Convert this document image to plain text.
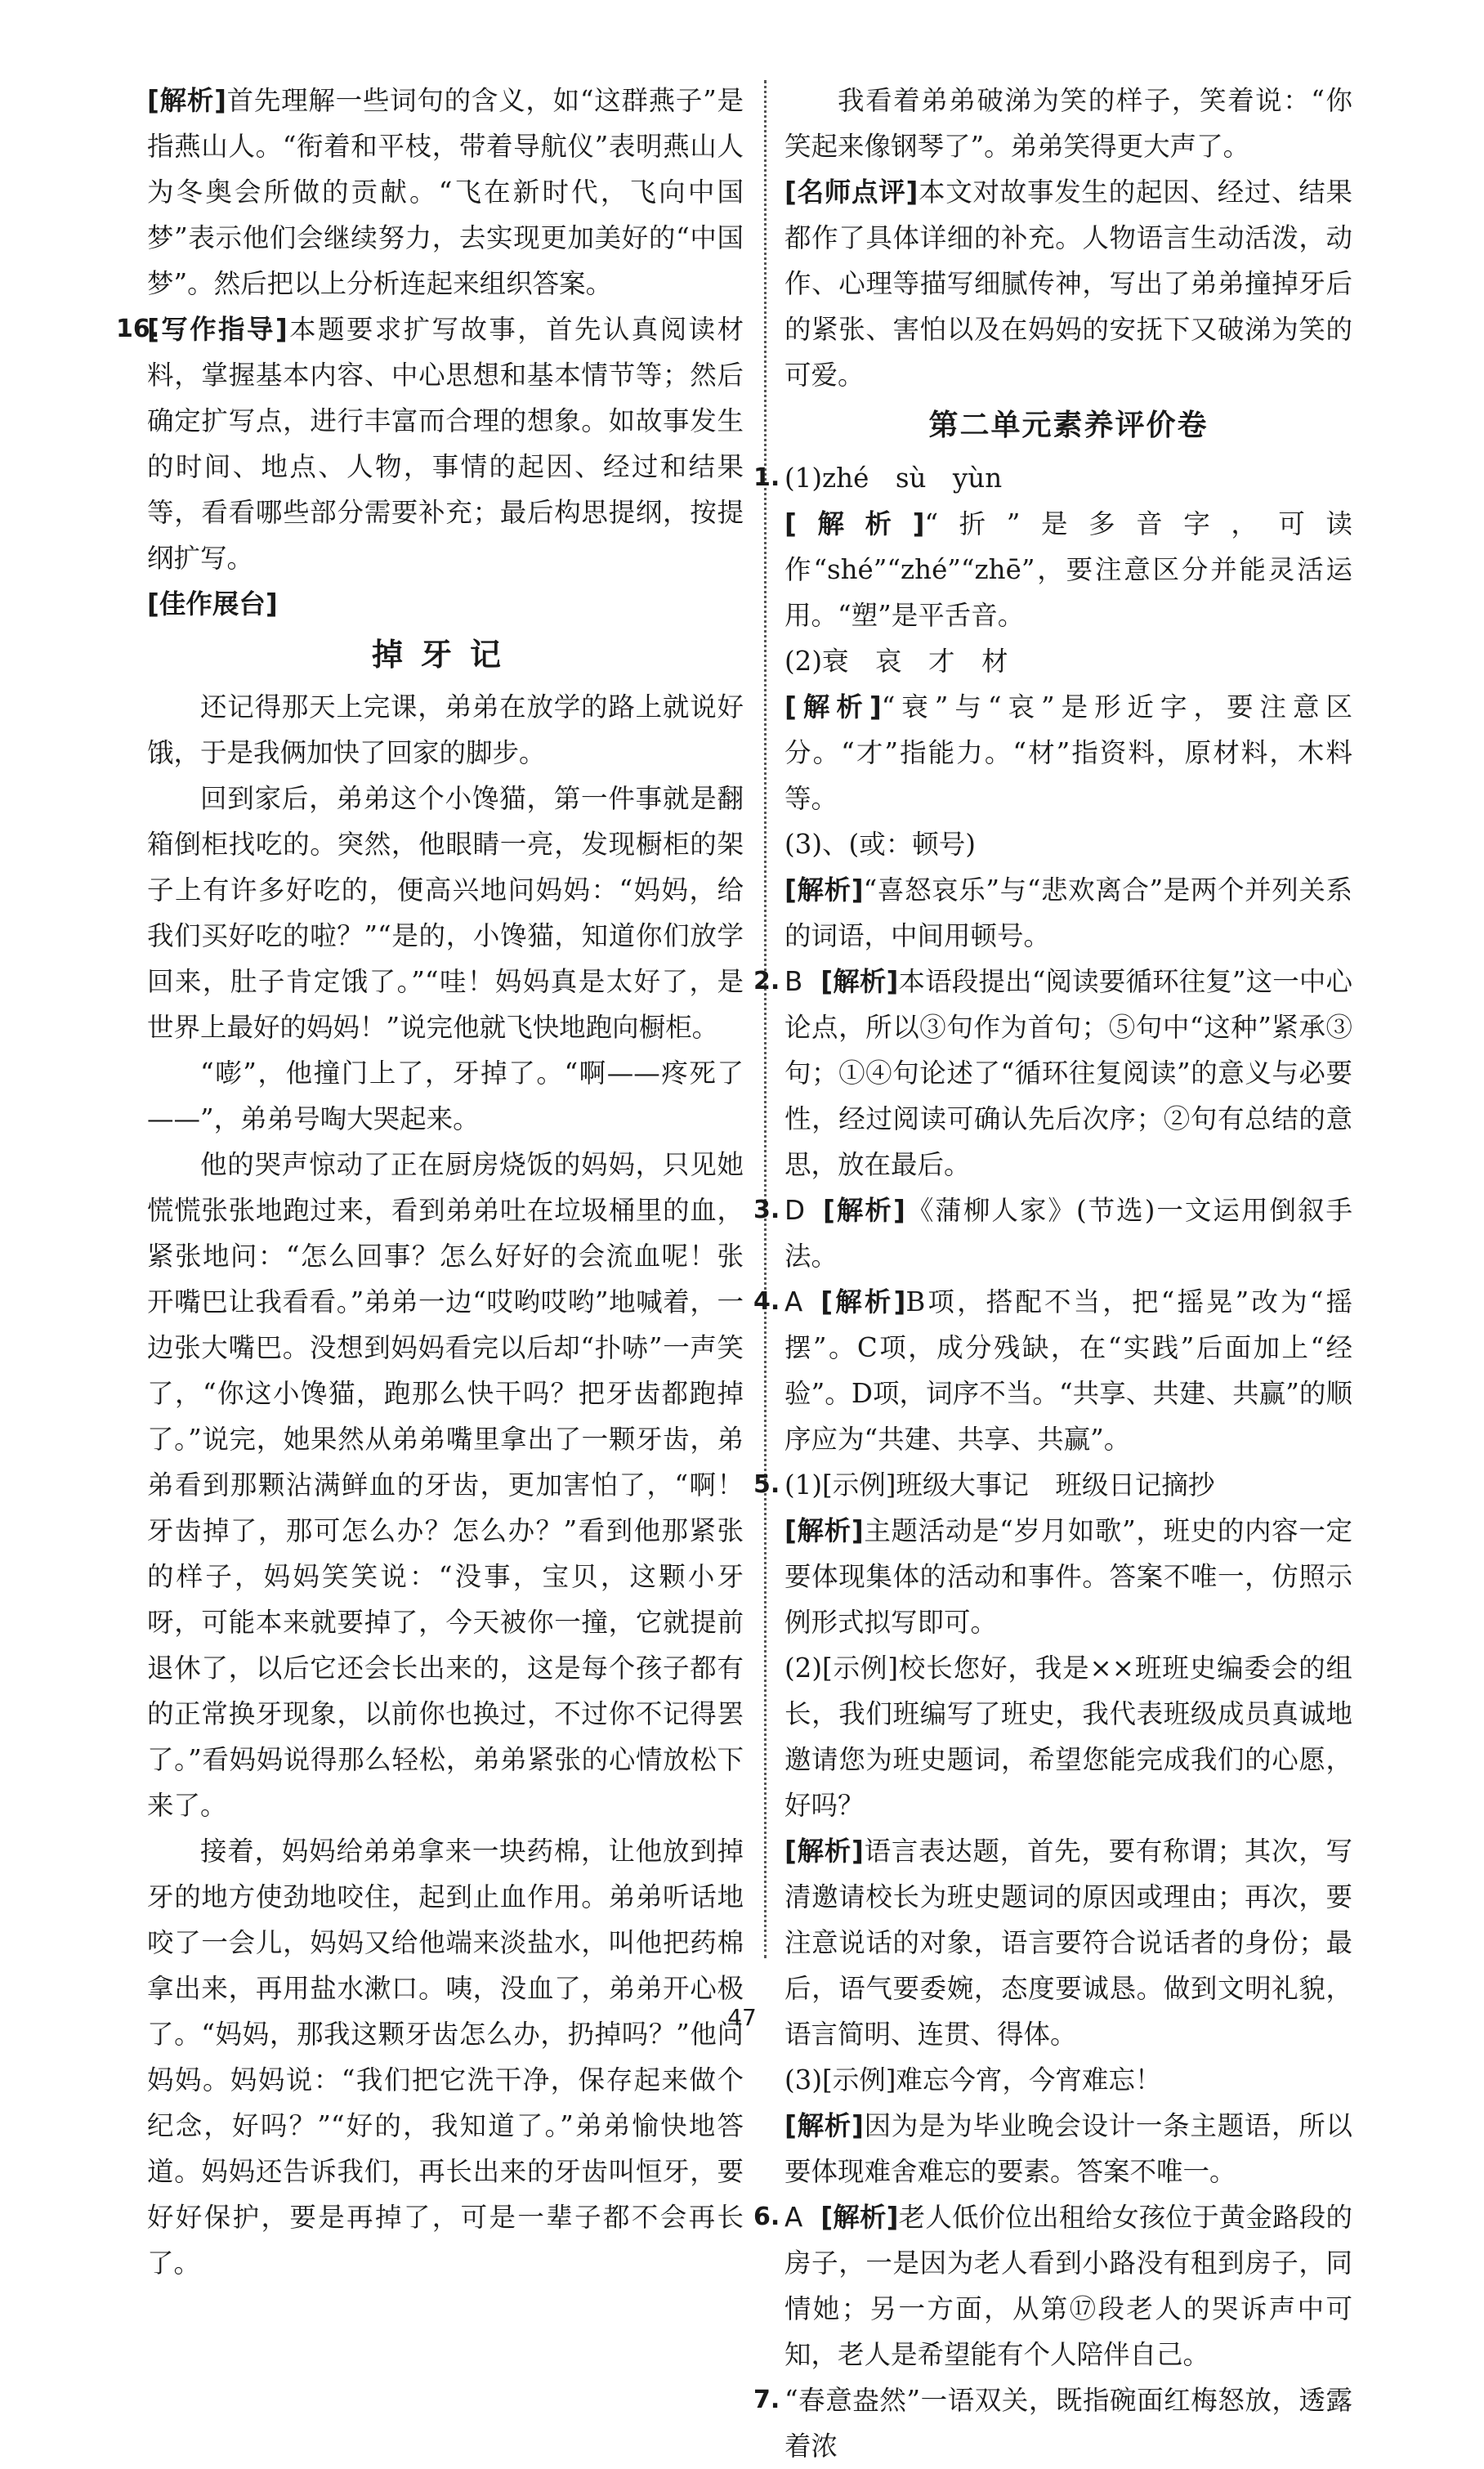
[解析]首先理解一些词句的含义，如“这群燕子”是指燕山人。“衔着和平枝，带着导航仪”表明燕山人为冬奥会所做的贡献。“飞在新时代，飞向中国梦”表示他们会继续努力，去实现更加美好的“中国梦”。然后把以上分析连起来组织答案。

16.
[写作指导]本题要求扩写故事，首先认真阅读材料，掌握基本内容、中心思想和基本情节等；然后确定扩写点，进行丰富而合理的想象。如故事发生的时间、地点、人物，事情的起因、经过和结果等，看看哪些部分需要补充；最后构思提纲，按提纲扩写。

[佳作展台]

掉牙记

还记得那天上完课，弟弟在放学的路上就说好饿，于是我俩加快了回家的脚步。

回到家后，弟弟这个小馋猫，第一件事就是翻箱倒柜找吃的。突然，他眼睛一亮，发现橱柜的架子上有许多好吃的，便高兴地问妈妈：“妈妈，给我们买好吃的啦？”“是的，小馋猫，知道你们放学回来，肚子肯定饿了。”“哇！妈妈真是太好了，是世界上最好的妈妈！”说完他就飞快地跑向橱柜。

“嘭”，他撞门上了，牙掉了。“啊——疼死了——”，弟弟号啕大哭起来。

他的哭声惊动了正在厨房烧饭的妈妈，只见她慌慌张张地跑过来，看到弟弟吐在垃圾桶里的血，紧张地问：“怎么回事？怎么好好的会流血呢！张开嘴巴让我看看。”弟弟一边“哎哟哎哟”地喊着，一边张大嘴巴。没想到妈妈看完以后却“扑哧”一声笑了，“你这小馋猫，跑那么快干吗？把牙齿都跑掉了。”说完，她果然从弟弟嘴里拿出了一颗牙齿，弟弟看到那颗沾满鲜血的牙齿，更加害怕了，“啊！牙齿掉了，那可怎么办？怎么办？”看到他那紧张的样子，妈妈笑笑说：“没事，宝贝，这颗小牙呀，可能本来就要掉了，今天被你一撞，它就提前退休了，以后它还会长出来的，这是每个孩子都有的正常换牙现象，以前你也换过，不过你不记得罢了。”看妈妈说得那么轻松，弟弟紧张的心情放松下来了。

接着，妈妈给弟弟拿来一块药棉，让他放到掉牙的地方使劲地咬住，起到止血作用。弟弟听话地咬了一会儿，妈妈又给他端来淡盐水，叫他把药棉拿出来，再用盐水漱口。咦，没血了，弟弟开心极了。“妈妈，那我这颗牙齿怎么办，扔掉吗？”他问妈妈。妈妈说：“我们把它洗干净，保存起来做个纪念，好吗？”“好的，我知道了。”弟弟愉快地答道。妈妈还告诉我们，再长出来的牙齿叫恒牙，要好好保护，要是再掉了，可是一辈子都不会再长了。

我看着弟弟破涕为笑的样子，笑着说：“你笑起来像钢琴了”。弟弟笑得更大声了。

[名师点评]本文对故事发生的起因、经过、结果都作了具体详细的补充。人物语言生动活泼，动作、心理等描写细腻传神，写出了弟弟撞掉牙后的紧张、害怕以及在妈妈的安抚下又破涕为笑的可爱。

第二单元素养评价卷
1. (1)zhé　sù　yùn

[解析]“折”是多音字，可读作“shé”“zhé”“zhē”，要注意区分并能灵活运用。“塑”是平舌音。

(2)衰　哀　才　材

[解析]“衰”与“哀”是形近字，要注意区分。“才”指能力。“材”指资料，原材料，木料等。

(3)、(或：顿号)

[解析]“喜怒哀乐”与“悲欢离合”是两个并列关系的词语，中间用顿号。

2. B [解析]本语段提出“阅读要循环往复”这一中心论点，所以③句作为首句；⑤句中“这种”紧承③句；①④句论述了“循环往复阅读”的意义与必要性，经过阅读可确认先后次序；②句有总结的意思，放在最后。

3. D [解析]《蒲柳人家》(节选)一文运用倒叙手法。

4. A [解析]B项，搭配不当，把“摇晃”改为“摇摆”。C项，成分残缺，在“实践”后面加上“经验”。D项，词序不当。“共享、共建、共赢”的顺序应为“共建、共享、共赢”。

5. (1)[示例]班级大事记　班级日记摘抄

[解析]主题活动是“岁月如歌”，班史的内容一定要体现集体的活动和事件。答案不唯一，仿照示例形式拟写即可。

(2)[示例]校长您好，我是××班班史编委会的组长，我们班编写了班史，我代表班级成员真诚地邀请您为班史题词，希望您能完成我们的心愿，好吗？

[解析]语言表达题，首先，要有称谓；其次，写清邀请校长为班史题词的原因或理由；再次，要注意说话的对象，语言要符合说话者的身份；最后，语气要委婉，态度要诚恳。做到文明礼貌，语言简明、连贯、得体。

(3)[示例]难忘今宵，今宵难忘！

[解析]因为是为毕业晚会设计一条主题语，所以要体现难舍难忘的要素。答案不唯一。

6. A [解析]老人低价位出租给女孩位于黄金路段的房子，一是因为老人看到小路没有租到房子，同情她；另一方面，从第⑰段老人的哭诉声中可知，老人是希望能有个人陪伴自己。

7. “春意盎然”一语双关，既指碗面红梅怒放，透露着浓

47
